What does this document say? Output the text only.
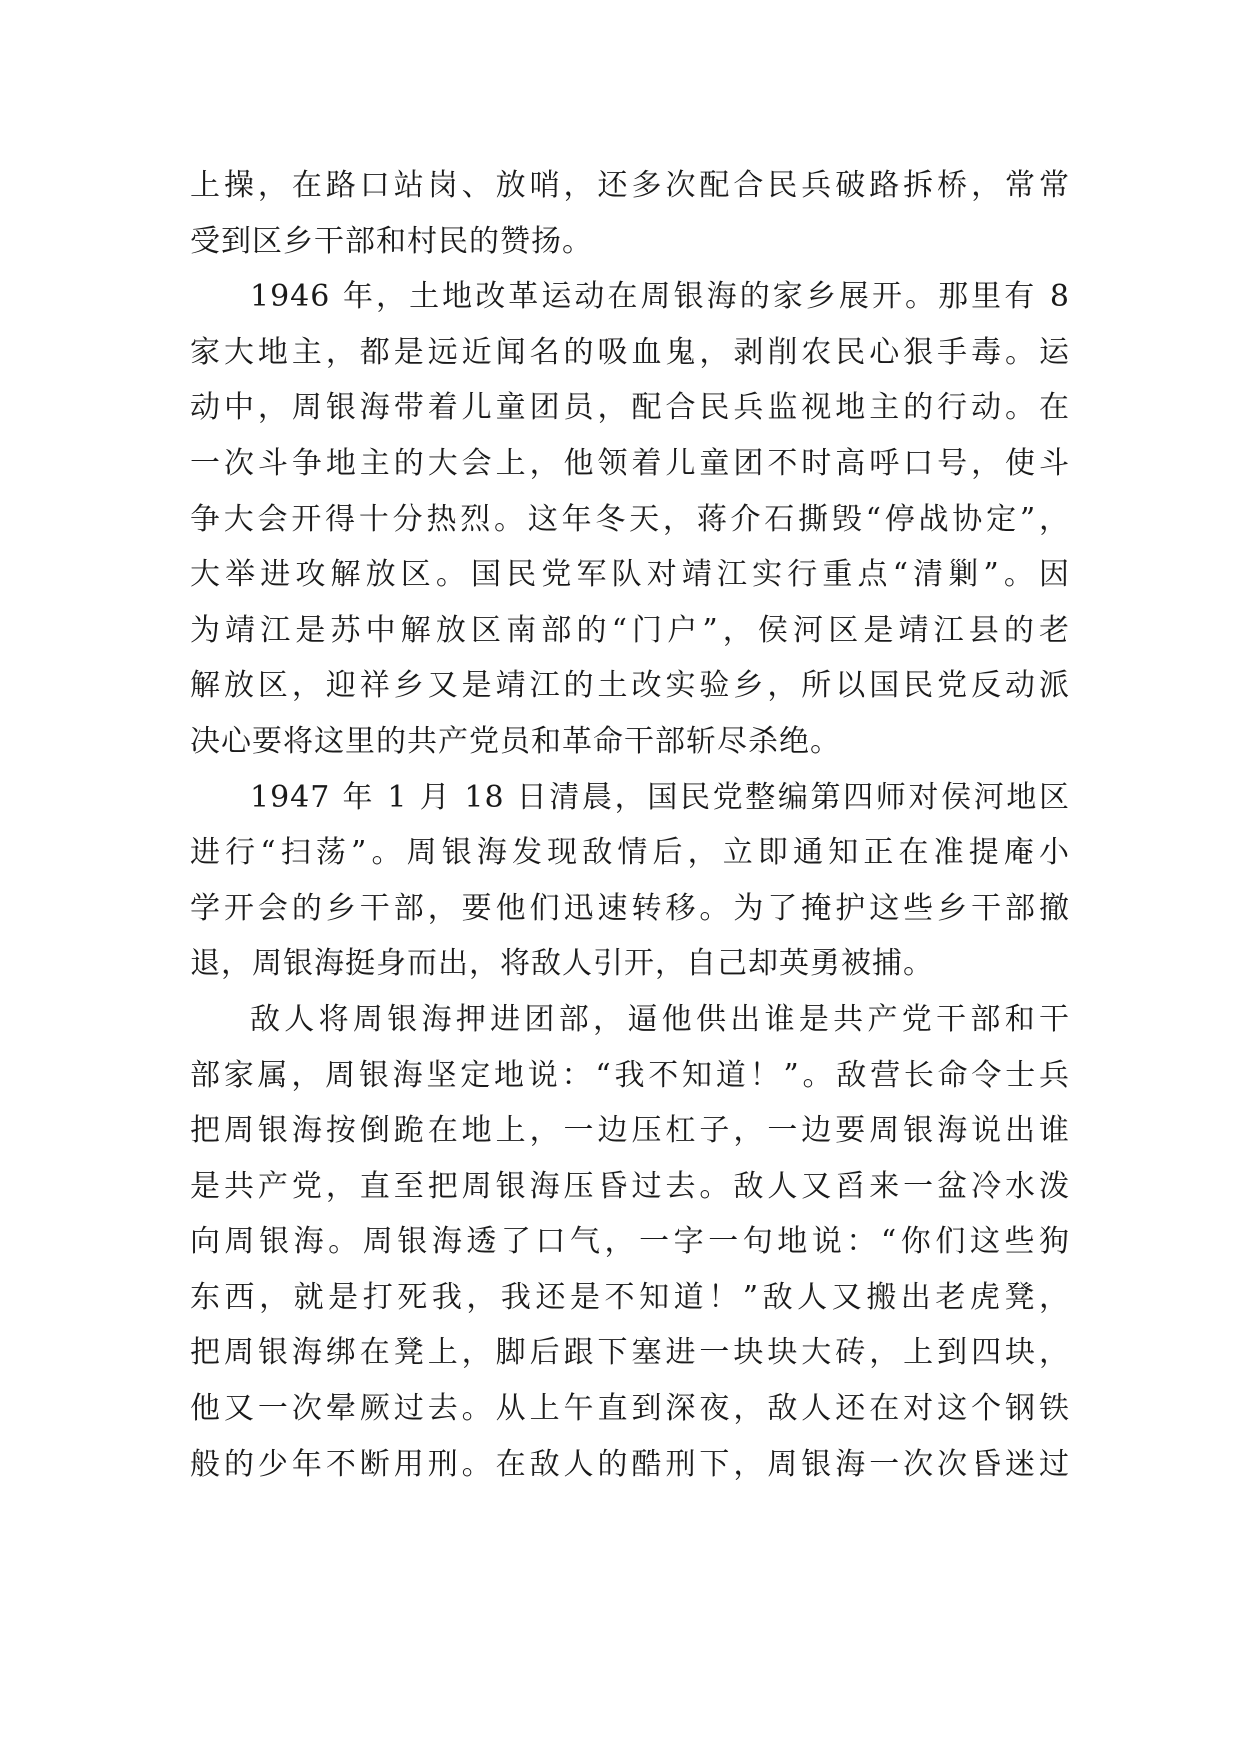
上操，在路口站岗、放哨，还多次配合民兵破路拆桥，常常
受到区乡干部和村民的赞扬。
1946 年，土地改革运动在周银海的家乡展开。那里有 8
家大地主，都是远近闻名的吸血鬼，剥削农民心狠手毒。运
动中，周银海带着儿童团员，配合民兵监视地主的行动。在
一次斗争地主的大会上，他领着儿童团不时高呼口号，使斗
争大会开得十分热烈。这年冬天，蒋介石撕毁“停战协定”，
大举进攻解放区。国民党军队对靖江实行重点“清剿”。因
为靖江是苏中解放区南部的“门户”，侯河区是靖江县的老
解放区，迎祥乡又是靖江的土改实验乡，所以国民党反动派
决心要将这里的共产党员和革命干部斩尽杀绝。
1947 年 1 月 18 日清晨，国民党整编第四师对侯河地区
进行“扫荡”。周银海发现敌情后，立即通知正在准提庵小
学开会的乡干部，要他们迅速转移。为了掩护这些乡干部撤
退，周银海挺身而出，将敌人引开，自己却英勇被捕。
敌人将周银海押进团部，逼他供出谁是共产党干部和干
部家属，周银海坚定地说：“我不知道！”。敌营长命令士兵
把周银海按倒跪在地上，一边压杠子，一边要周银海说出谁
是共产党，直至把周银海压昏过去。敌人又舀来一盆冷水泼
向周银海。周银海透了口气，一字一句地说：“你们这些狗
东西，就是打死我，我还是不知道！”敌人又搬出老虎凳，
把周银海绑在凳上，脚后跟下塞进一块块大砖，上到四块，
他又一次晕厥过去。从上午直到深夜，敌人还在对这个钢铁
般的少年不断用刑。在敌人的酷刑下，周银海一次次昏迷过
